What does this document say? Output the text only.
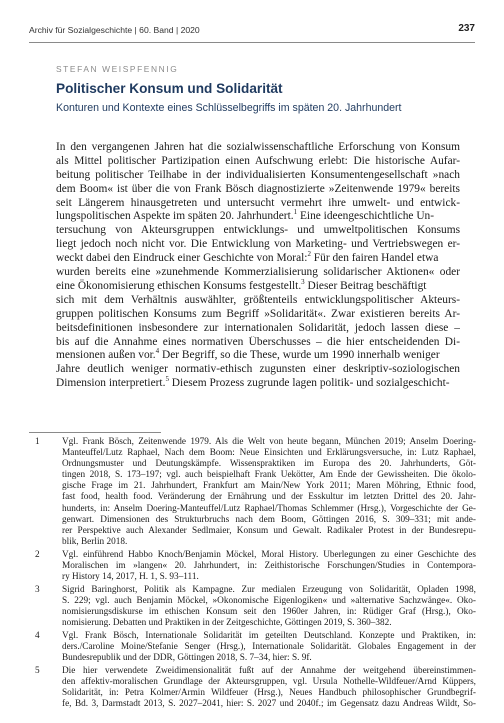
Archiv für Sozialgeschichte | 60. Band | 2020	237
STEFAN WEISPFENNIG
Politischer Konsum und Solidarität
Konturen und Kontexte eines Schlüsselbegriffs im späten 20. Jahrhundert
In den vergangenen Jahren hat die sozialwissenschaftliche Erforschung von Konsum
als Mittel politischer Partizipation einen Aufschwung erlebt: Die historische Aufar-
beitung politischer Teilhabe in der individualisierten Konsumentengesellschaft »nach
dem Boom« ist über die von Frank Bösch diagnostizierte »Zeitenwende 1979« bereits
seit Längerem hinausgetreten und untersucht vermehrt ihre umwelt- und entwick-
lungspolitischen Aspekte im späten 20. Jahrhundert.$^1$ Eine ideengeschichtliche Un-
tersuchung von Akteursgruppen entwicklungs- und umweltpolitischen Konsums
liegt jedoch noch nicht vor. Die Entwicklung von Marketing- und Vertriebswegen er-
weckt dabei den Eindruck einer Geschichte von Moral:$^2$ Für den fairen Handel etwa
wurden bereits eine »zunehmende Kommerzialisierung solidarischer Aktionen« oder
eine Ökonomisierung ethischen Konsums festgestellt.$^3$ Dieser Beitrag beschäftigt
sich mit dem Verhältnis auswählter, größtenteils entwicklungspolitischer Akteurs-
gruppen politischen Konsums zum Begriff »Solidarität«. Zwar existieren bereits Ar-
beitsdefinitionen insbesondere zur internationalen Solidarität, jedoch lassen diese –
bis auf die Annahme eines normativen Überschusses – die hier entscheidenden Di-
mensionen außen vor.$^4$ Der Begriff, so die These, wurde um 1990 innerhalb weniger
Jahre deutlich weniger normativ-ethisch zugunsten einer deskriptiv-soziologischen
Dimension interpretiert.$^5$ Diesem Prozess zugrunde lagen politik- und sozialgeschicht-
1 Vgl. Frank Bösch, Zeitenwende 1979. Als die Welt von heute begann, München 2019; Anselm Doering-
Manteuffel/Lutz Raphael, Nach dem Boom: Neue Einsichten und Erklärungsversuche, in: Lutz Raphael,
Ordnungsmuster und Deutungskämpfe. Wissenspraktiken im Europa des 20. Jahrhunderts, Göt-
tingen 2018, S. 173–197; vgl. auch beispielhaft Frank Uekötter, Am Ende der Gewissheiten. Die ökolo-
gische Frage im 21. Jahrhundert, Frankfurt am Main/New York 2011; Maren Möhring, Ethnic food,
fast food, health food. Veränderung der Ernährung und der Esskultur im letzten Drittel des 20. Jahr-
hunderts, in: Anselm Doering-Manteuffel/Lutz Raphael/Thomas Schlemmer (Hrsg.), Vorgeschichte der Ge-
genwart. Dimensionen des Strukturbruchs nach dem Boom, Göttingen 2016, S. 309–331; mit ande-
rer Perspektive auch Alexander Sedlmaier, Konsum und Gewalt. Radikaler Protest in der Bundesrepu-
blik, Berlin 2018.
2 Vgl. einführend Habbo Knoch/Benjamin Möckel, Moral History. Überlegungen zu einer Geschichte des
Moralischen im »langen« 20. Jahrhundert, in: Zeithistorische Forschungen/Studies in Contempora-
ry History 14, 2017, H. 1, S. 93–111.
3 Sigrid Baringhorst, Politik als Kampagne. Zur medialen Erzeugung von Solidarität, Opladen 1998,
S. 229; vgl. auch Benjamin Möckel, »Ökonomische Eigenlogiken« und »alternative Sachzwänge«. Öko-
nomisierungsdiskurse im ethischen Konsum seit den 1960er Jahren, in: Rüdiger Graf (Hrsg.), Öko-
nomisierung. Debatten und Praktiken in der Zeitgeschichte, Göttingen 2019, S. 360–382.
4 Vgl. Frank Bösch, Internationale Solidarität im geteilten Deutschland. Konzepte und Praktiken, in:
ders./Caroline Moine/Stefanie Senger (Hrsg.), Internationale Solidarität. Globales Engagement in der
Bundesrepublik und der DDR, Göttingen 2018, S. 7–34, hier: S. 9f.
5 Die hier verwendete Zweidimensionalität fußt auf der Annahme der weitgehend übereinstimmen-
den affektiv-moralischen Grundlage der Akteursgruppen, vgl. Ursula Nothelle-Wildfeuer/Arnd Küppers,
Solidarität, in: Petra Kolmer/Armin Wildfeuer (Hrsg.), Neues Handbuch philosophischer Grundbegrif-
fe, Bd. 3, Darmstadt 2013, S. 2027–2041, hier: S. 2027 und 2040f.; im Gegensatz dazu Andreas Wildt, So-
